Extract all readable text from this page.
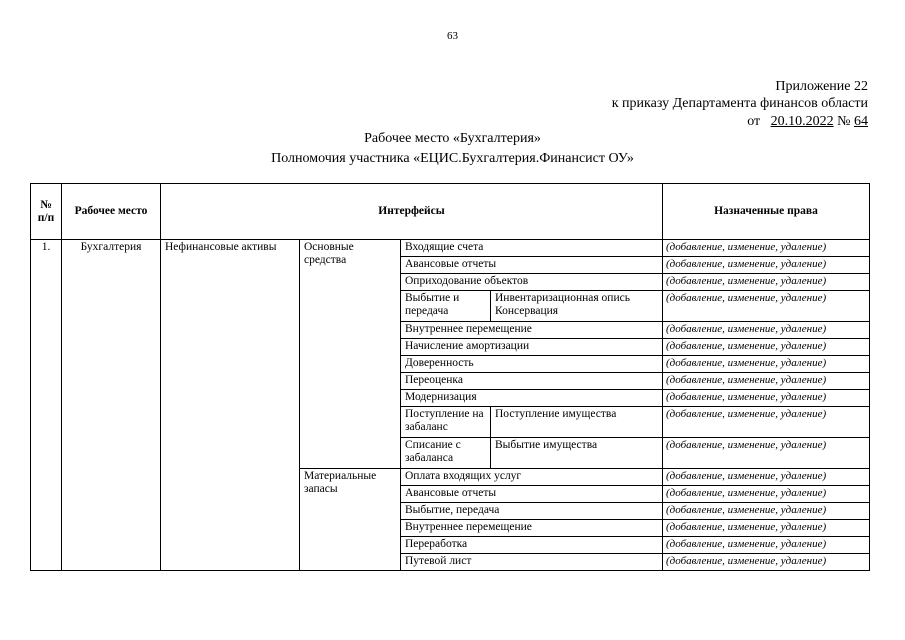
63
Приложение 22
к приказу Департамента финансов области
от 20.10.2022 № 64
Рабочее место «Бухгалтерия»
Полномочия участника «ЕЦИС.Бухгалтерия.Финансист ОУ»
№ п/п	Рабочее место	Интерфейсы				Назначенные права
1.	Бухгалтерия	Нефинансовые активы	Основные средства	Входящие счета		(добавление, изменение, удаление)
				Авансовые отчеты		(добавление, изменение, удаление)
				Оприходование объектов		(добавление, изменение, удаление)
				Выбытие и передача	Инвентаризационная опись Консервация	(добавление, изменение, удаление)
				Внутреннее перемещение		(добавление, изменение, удаление)
				Начисление амортизации		(добавление, изменение, удаление)
				Доверенность		(добавление, изменение, удаление)
				Переоценка		(добавление, изменение, удаление)
				Модернизация		(добавление, изменение, удаление)
				Поступление на забаланс	Поступление имущества	(добавление, изменение, удаление)
				Списание с забаланса	Выбытие имущества	(добавление, изменение, удаление)
			Материальные запасы	Оплата входящих услуг		(добавление, изменение, удаление)
				Авансовые отчеты		(добавление, изменение, удаление)
				Выбытие, передача		(добавление, изменение, удаление)
				Внутреннее перемещение		(добавление, изменение, удаление)
				Переработка		(добавление, изменение, удаление)
				Путевой лист		(добавление, изменение, удаление)
